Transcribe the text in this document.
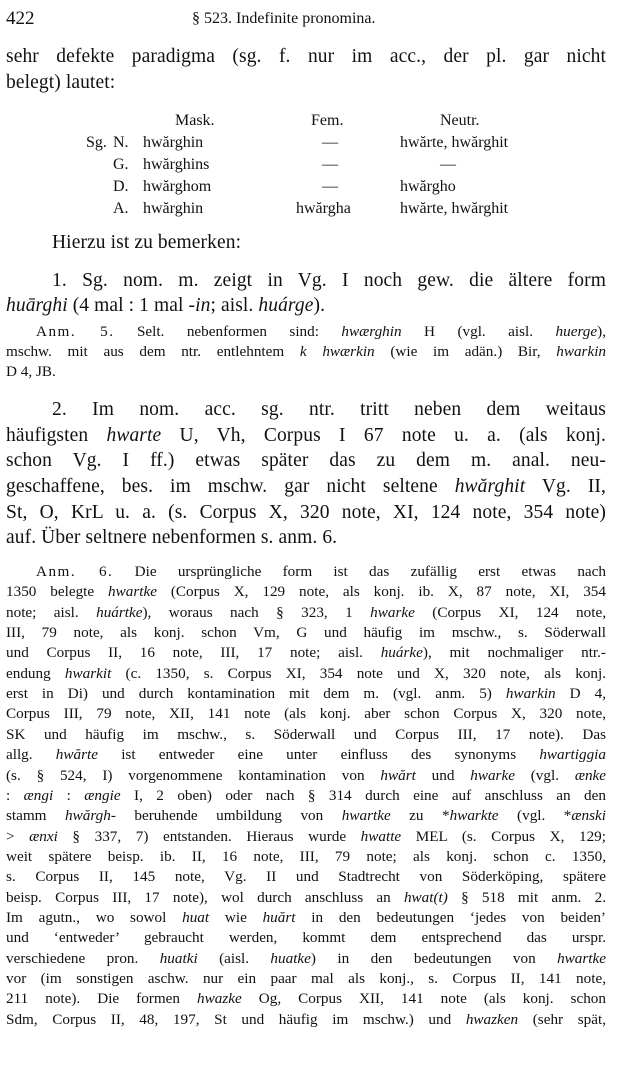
422	§ 523. Indefinite pronomina.
sehr defekte paradigma (sg. f. nur im acc., der pl. gar nicht
belegt) lautet:
Mask.	Fem.	Neutr.
Sg. N. hwărghin	—	hwărte, hwărghit
G. hwărghins	—	—
D. hwărghom	—	hwărgho
A. hwărghin	hwărgha	hwărte, hwărghit
Hierzu ist zu bemerken:
1. Sg. nom. m. zeigt in Vg. I noch gew. die ältere form
huārghi (4 mal : 1 mal -in; aisl. huárge).
Anm. 5. Selt. nebenformen sind: hwærghin H (vgl. aisl. huerge),
mschw. mit aus dem ntr. entlehntem k hwærkin (wie im adän.) Bir, hwarkin
D 4, JB.
2. Im nom. acc. sg. ntr. tritt neben dem weitaus
häufigsten hwarte U, Vh, Corpus I 67 note u. a. (als konj.
schon Vg. I ff.) etwas später das zu dem m. anal. neu-
geschaffene, bes. im mschw. gar nicht seltene hwărghit Vg. II,
St, O, KrL u. a. (s. Corpus X, 320 note, XI, 124 note, 354 note)
auf. Über seltnere nebenformen s. anm. 6.
Anm. 6. Die ursprüngliche form ist das zufällig erst etwas nach
1350 belegte hwartke (Corpus X, 129 note, als konj. ib. X, 87 note, XI, 354
note; aisl. huártke), woraus nach § 323, 1 hwarke (Corpus XI, 124 note,
III, 79 note, als konj. schon Vm, G und häufig im mschw., s. Söderwall
und Corpus II, 16 note, III, 17 note; aisl. huárke), mit nochmaliger ntr.-
endung hwarkit (c. 1350, s. Corpus XI, 354 note und X, 320 note, als konj.
erst in Di) und durch kontamination mit dem m. (vgl. anm. 5) hwarkin D 4,
Corpus III, 79 note, XII, 141 note (als konj. aber schon Corpus X, 320 note,
SK und häufig im mschw., s. Söderwall und Corpus III, 17 note). Das
allg. hwărte ist entweder eine unter einfluss des synonyms hwartiggia
(s. § 524, I) vorgenommene kontamination von hwărt und hwarke (vgl. ænke
: ængi : ængie I, 2 oben) oder nach § 314 durch eine auf anschluss an den
stamm hwărgh- beruhende umbildung von hwartke zu *hwarkte (vgl. *ænski
> ænxi § 337, 7) entstanden. Hieraus wurde hwatte MEL (s. Corpus X, 129;
weit spätere beisp. ib. II, 16 note, III, 79 note; als konj. schon c. 1350,
s. Corpus II, 145 note, Vg. II und Stadtrecht von Söderköping, spätere
beisp. Corpus III, 17 note), wol durch anschluss an hwat(t) § 518 mit anm. 2.
Im agutn., wo sowol huat wie huărt in den bedeutungen ‘jedes von beiden’
und ‘entweder’ gebraucht werden, kommt dem entsprechend das urspr.
verschiedene pron. huatki (aisl. huatke) in den bedeutungen von hwartke
vor (im sonstigen aschw. nur ein paar mal als konj., s. Corpus II, 141 note,
211 note). Die formen hwazke Og, Corpus XII, 141 note (als konj. schon
Sdm, Corpus II, 48, 197, St und häufig im mschw.) und hwazken (sehr spät,
